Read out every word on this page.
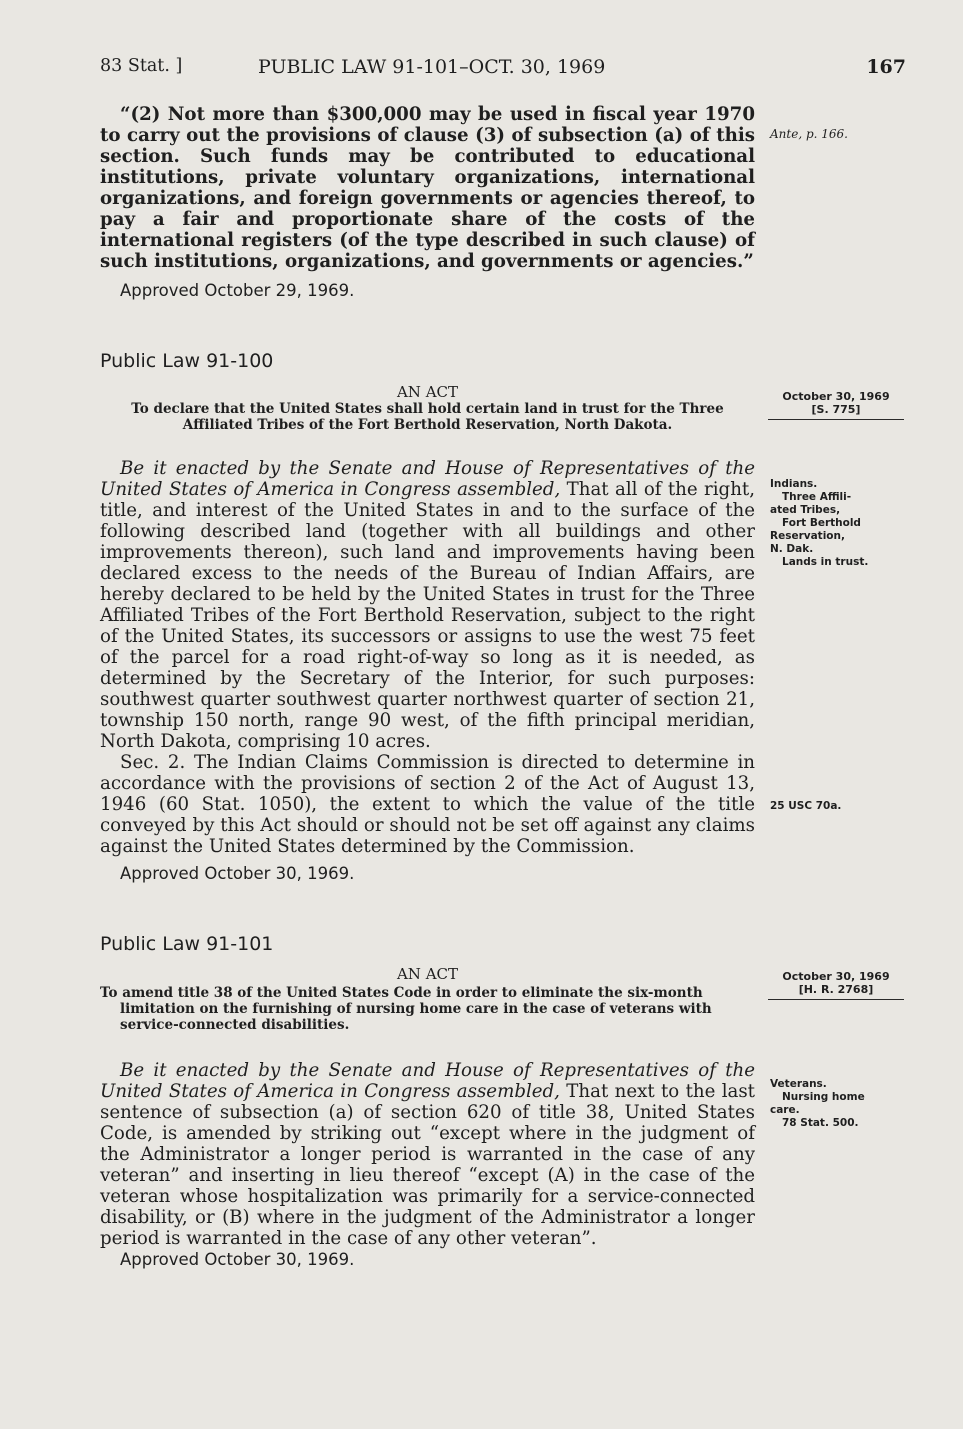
83 Stat. ]	PUBLIC LAW 91-101–OCT. 30, 1969	167

“(2) Not more than $300,000 may be used in fiscal year 1970 to carry out the provisions of clause (3) of subsection (a) of this section. Such funds may be contributed to educational institutions, private voluntary organizations, international organizations, and foreign governments or agencies thereof, to pay a fair and proportionate share of the costs of the international registers (of the type described in such clause) of such institutions, organizations, and governments or agencies.”

Ante, p. 166.
Approved October 29, 1969.
Public Law 91-100
AN ACT
To declare that the United States shall hold certain land in trust for the Three
Affiliated Tribes of the Fort Berthold Reservation, North Dakota.
October 30, 1969
[S. 775]

Be it enacted by the Senate and House of Representatives of the United States of America in Congress assembled, That all of the right, title, and interest of the United States in and to the surface of the following described land (together with all buildings and other improvements thereon), such land and improvements having been declared excess to the needs of the Bureau of Indian Affairs, are hereby declared to be held by the United States in trust for the Three Affiliated Tribes of the Fort Berthold Reservation, subject to the right of the United States, its successors or assigns to use the west 75 feet of the parcel for a road right-of-way so long as it is needed, as determined by the Secretary of the Interior, for such purposes: southwest quarter southwest quarter northwest quarter of section 21, township 150 north, range 90 west, of the fifth principal meridian, North Dakota, comprising 10 acres.

Sec. 2. The Indian Claims Commission is directed to determine in accordance with the provisions of section 2 of the Act of August 13, 1946 (60 Stat. 1050), the extent to which the value of the title conveyed by this Act should or should not be set off against any claims against the United States determined by the Commission.

Indians.
Three Affili-
ated Tribes,
Fort Berthold
Reservation,
N. Dak.
Lands in trust.
25 USC 70a.
Approved October 30, 1969.
Public Law 91-101
AN ACT
To amend title 38 of the United States Code in order to eliminate the six-month
limitation on the furnishing of nursing home care in the case of veterans with
service-connected disabilities.
October 30, 1969
[H. R. 2768]

Be it enacted by the Senate and House of Representatives of the United States of America in Congress assembled, That next to the last sentence of subsection (a) of section 620 of title 38, United States Code, is amended by striking out “except where in the judgment of the Administrator a longer period is warranted in the case of any veteran” and inserting in lieu thereof “except (A) in the case of the veteran whose hospitalization was primarily for a service-connected disability, or (B) where in the judgment of the Administrator a longer period is warranted in the case of any other veteran”.

Veterans.
Nursing home
care.
78 Stat. 500.
Approved October 30, 1969.
